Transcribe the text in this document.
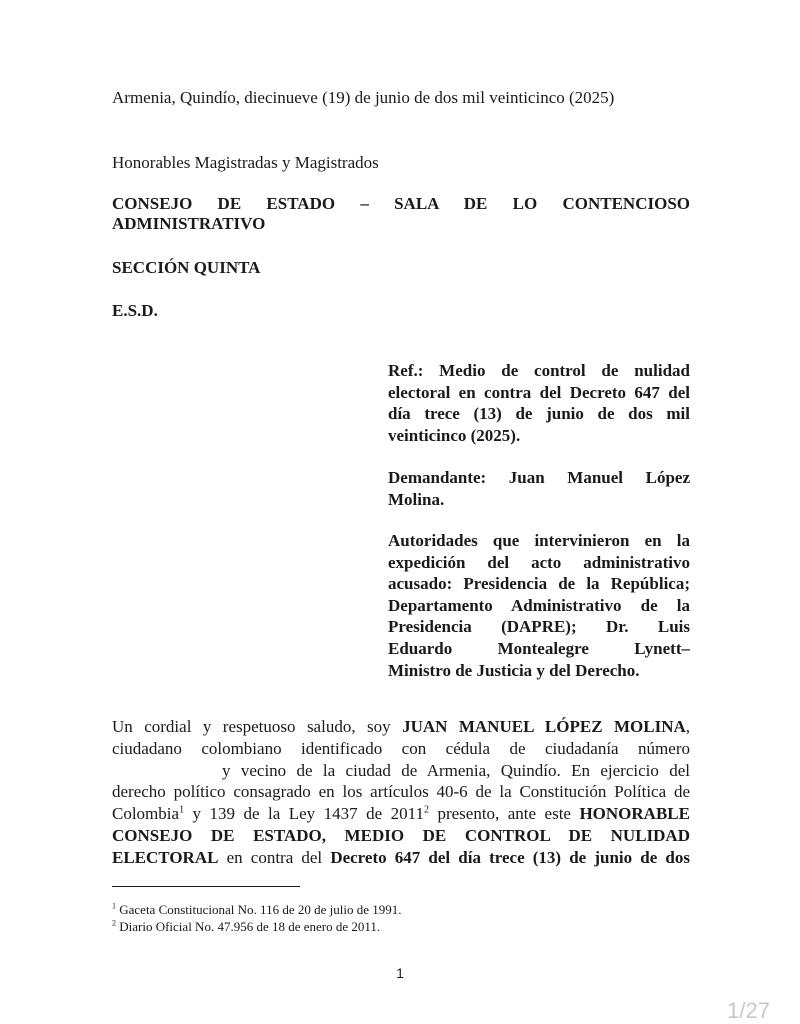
Armenia, Quindío, diecinueve (19) de junio de dos mil veinticinco (2025)
Honorables Magistradas y Magistrados
CONSEJO DE ESTADO – SALA DE LO CONTENCIOSO
ADMINISTRATIVO
SECCIÓN QUINTA
E.S.D.
Ref.: Medio de control de nulidad
electoral en contra del Decreto 647 del
día trece (13) de junio de dos mil
veinticinco (2025).
Demandante: Juan Manuel López
Molina.
Autoridades que intervinieron en la
expedición del acto administrativo
acusado: Presidencia de la República;
Departamento Administrativo de la
Presidencia (DAPRE); Dr. Luis
Eduardo Montealegre Lynett–
Ministro de Justicia y del Derecho.
Un cordial y respetuoso saludo, soy JUAN MANUEL LÓPEZ MOLINA,
ciudadano colombiano identificado con cédula de ciudadanía número
y vecino de la ciudad de Armenia, Quindío. En ejercicio del
derecho político consagrado en los artículos 40-6 de la Constitución Política de
Colombia$^1$ y 139 de la Ley 1437 de 2011$^2$ presento, ante este HONORABLE
CONSEJO DE ESTADO, MEDIO DE CONTROL DE NULIDAD
ELECTORAL en contra del Decreto 647 del día trece (13) de junio de dos
$^1$ Gaceta Constitucional No. 116 de 20 de julio de 1991.
$^2$ Diario Oficial No. 47.956 de 18 de enero de 2011.
1
1/27
